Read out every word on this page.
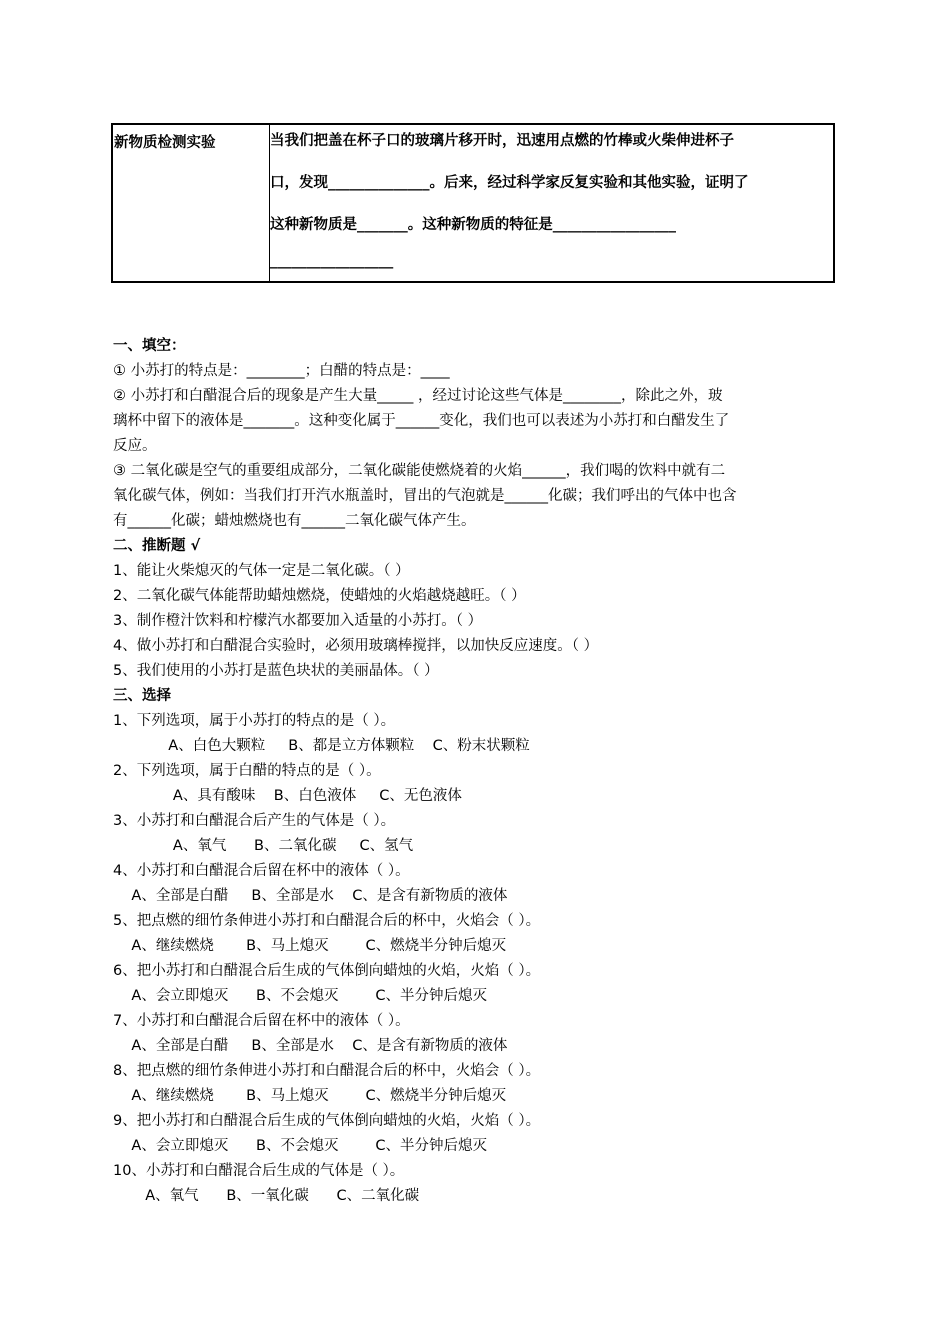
新物质检测实验	当我们把盖在杯子口的玻璃片移开时，迅速用点燃的竹棒或火柴伸进杯子
口，发现______________。后来，经过科学家反复实验和其他实验，证明了
这种新物质是_______。这种新物质的特征是_________________
_________________
一、填空：
① 小苏打的特点是：________；白醋的特点是：____
② 小苏打和白醋混合后的现象是产生大量_____ ，经过讨论这些气体是________，除此之外，玻
璃杯中留下的液体是_______。这种变化属于______变化，我们也可以表述为小苏打和白醋发生了
反应。
③ 二氧化碳是空气的重要组成部分，二氧化碳能使燃烧着的火焰______，我们喝的饮料中就有二
氧化碳气体，例如：当我们打开汽水瓶盖时，冒出的气泡就是______化碳；我们呼出的气体中也含
有______化碳；蜡烛燃烧也有______二氧化碳气体产生。
二、推断题 √
1、能让火柴熄灭的气体一定是二氧化碳。（ ）
2、二氧化碳气体能帮助蜡烛燃烧，使蜡烛的火焰越烧越旺。（ ）
3、制作橙汁饮料和柠檬汽水都要加入适量的小苏打。（ ）
4、做小苏打和白醋混合实验时，必须用玻璃棒搅拌，以加快反应速度。（ ）
5、我们使用的小苏打是蓝色块状的美丽晶体。（ ）
三、选择
1、下列选项，属于小苏打的特点的是（ ）。
A、白色大颗粒     B、都是立方体颗粒    C、粉末状颗粒
2、下列选项，属于白醋的特点的是（ ）。
A、具有酸味    B、白色液体     C、无色液体
3、小苏打和白醋混合后产生的气体是（ ）。
A、氧气      B、二氧化碳     C、氢气
4、小苏打和白醋混合后留在杯中的液体（ ）。
A、全部是白醋     B、全部是水    C、是含有新物质的液体
5、把点燃的细竹条伸进小苏打和白醋混合后的杯中，火焰会（ ）。
A、继续燃烧       B、马上熄灭        C、燃烧半分钟后熄灭
6、把小苏打和白醋混合后生成的气体倒向蜡烛的火焰，火焰（ ）。
A、会立即熄灭      B、不会熄灭        C、半分钟后熄灭
7、小苏打和白醋混合后留在杯中的液体（ ）。
A、全部是白醋     B、全部是水    C、是含有新物质的液体
8、把点燃的细竹条伸进小苏打和白醋混合后的杯中，火焰会（ ）。
A、继续燃烧       B、马上熄灭        C、燃烧半分钟后熄灭
9、把小苏打和白醋混合后生成的气体倒向蜡烛的火焰，火焰（ ）。
A、会立即熄灭      B、不会熄灭        C、半分钟后熄灭
10、小苏打和白醋混合后生成的气体是（ ）。
A、氧气      B、一氧化碳      C、二氧化碳
